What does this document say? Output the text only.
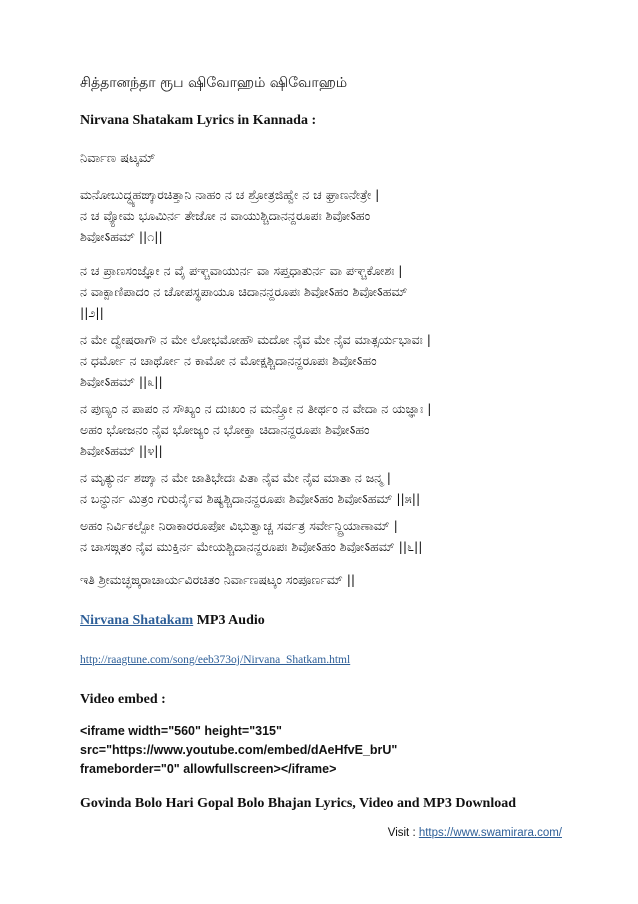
சித்தானந்தா ரூப ஷிவோஹம் ஷிவோஹம்
Nirvana Shatakam Lyrics in Kannada :
ನಿರ್ವಾಣ ಷಟ್ಕಮ್
ಮನೋಬುದ್ಧ್ಯಹಙ್ಕಾರಚಿತ್ತಾನಿ ನಾಹಂ ನ ಚ ಶ್ರೋತ್ರಜಿಹ್ವೇ ನ ಚ ಘ್ರಾಣನೇತ್ರೇ |
ನ ಚ ವ್ಯೋಮ ಭೂಮಿರ್ನ ತೇಜೋ ನ ವಾಯುಶ್ಚಿದಾನನ್ದರೂಪಃ ಶಿವೋऽಹಂ
ಶಿವೋऽಹಮ್ ||೧||
ನ ಚ ಪ್ರಾಣಸಂಜ್ಞೋ ನ ವೈ ಪಞ್ಚವಾಯುರ್ನ ವಾ ಸಪ್ತಧಾತುರ್ನ ವಾ ಪಞ್ಚಕೋಶಃ |
ನ ವಾಕ್ಪಾಣಿಪಾದಂ ನ ಚೋಪಸ್ಥಪಾಯೂ ಚಿದಾನನ್ದರೂಪಃ ಶಿವೋऽಹಂ ಶಿವೋऽಹಮ್
||೨||
ನ ಮೇ ದ್ವೇಷರಾಗೌ ನ ಮೇ ಲೋಭಮೋಹೌ ಮದೋ ನೈವ ಮೇ ನೈವ ಮಾತ್ಸರ್ಯಭಾವಃ |
ನ ಧರ್ಮೋ ನ ಚಾರ್ಥೋ ನ ಕಾಮೋ ನ ಮೋಕ್ಷಶ್ಚಿದಾನನ್ದರೂಪಃ ಶಿವೋऽಹಂ
ಶಿವೋऽಹಮ್ ||೩||
ನ ಪುಣ್ಯಂ ನ ಪಾಪಂ ನ ಸೌಖ್ಯಂ ನ ದುಃಖಂ ನ ಮನ್ತ್ರೋ ನ ತೀರ್ಥಂ ನ ವೇದಾ ನ ಯಜ್ಞಾಃ |
ಅಹಂ ಭೋಜನಂ ನೈವ ಭೋಜ್ಯಂ ನ ಭೋಕ್ತಾ ಚಿದಾನನ್ದರೂಪಃ ಶಿವೋऽಹಂ
ಶಿವೋऽಹಮ್ ||೪||
ನ ಮೃತ್ಯುರ್ನ ಶಙ್ಕಾ ನ ಮೇ ಜಾತಿಭೇದಃ ಪಿತಾ ನೈವ ಮೇ ನೈವ ಮಾತಾ ನ ಜನ್ಮ |
ನ ಬನ್ಧುರ್ನ ಮಿತ್ರಂ ಗುರುರ್ನೈವ ಶಿಷ್ಯಶ್ಚಿದಾನನ್ದರೂಪಃ ಶಿವೋऽಹಂ ಶಿವೋऽಹಮ್ ||೫||
ಅಹಂ ನಿರ್ವಿಕಲ್ಪೋ ನಿರಾಕಾರರೂಪೋ ವಿಭುತ್ವಾಚ್ಚ ಸರ್ವತ್ರ ಸರ್ವೇನ್ದ್ರಿಯಾಣಾಮ್ |
ನ ಚಾಸಙ್ಗತಂ ನೈವ ಮುಕ್ತಿರ್ನ ಮೇಯಶ್ಚಿದಾನನ್ದರೂಪಃ ಶಿವೋऽಹಂ ಶಿವೋऽಹಮ್ ||೬||
ಇತಿ ಶ್ರೀಮಚ್ಛಙ್ಕರಾಚಾರ್ಯವಿರಚಿತಂ ನಿರ್ವಾಣಷಟ್ಕಂ ಸಂಪೂರ್ಣಮ್ ||
Nirvana Shatakam MP3 Audio
http://raagtune.com/song/eeb373oj/Nirvana_Shatkam.html
Video embed :
<iframe width="560" height="315"
src="https://www.youtube.com/embed/dAeHfvE_brU"
frameborder="0" allowfullscreen></iframe>
Govinda Bolo Hari Gopal Bolo Bhajan Lyrics, Video and MP3 Download
Visit : https://www.swamirara.com/
